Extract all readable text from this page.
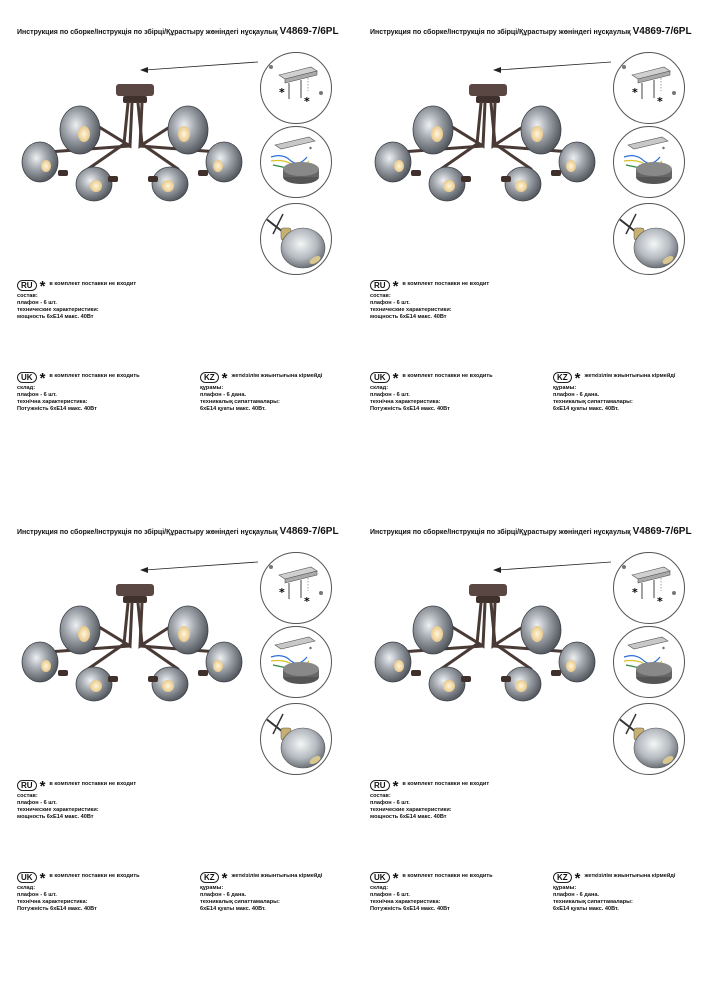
Инструкция по сборке/Інструкція по збірці/Құрастыру жөніндегі нұсқаулық V4869-7/6PL
*
*
*
RU * в комплект поставки не входит
состав:
плафон - 6 шт.
технические характеристики:
мощность 6хЕ14 макс. 40Вт
UK * в комплект поставки не входить
склад:
плафон - 6 шт.
технічна характеристика:
Потужність 6хЕ14 макс. 40Вт
KZ * жеткізілім жиынтығына кірмейді
құрамы:
плафон - 6 дана.
техникалық сипаттамалары:
6хЕ14 қуаты макс. 40Вт.
Инструкция по сборке/Інструкція по збірці/Құрастыру жөніндегі нұсқаулық V4869-7/6PL
*
*
*
RU * в комплект поставки не входит
состав:
плафон - 6 шт.
технические характеристики:
мощность 6хЕ14 макс. 40Вт
UK * в комплект поставки не входить
склад:
плафон - 6 шт.
технічна характеристика:
Потужність 6хЕ14 макс. 40Вт
KZ * жеткізілім жиынтығына кірмейді
құрамы:
плафон - 6 дана.
техникалық сипаттамалары:
6хЕ14 қуаты макс. 40Вт.
Инструкция по сборке/Інструкція по збірці/Құрастыру жөніндегі нұсқаулық V4869-7/6PL
*
*
*
RU * в комплект поставки не входит
состав:
плафон - 6 шт.
технические характеристики:
мощность 6хЕ14 макс. 40Вт
UK * в комплект поставки не входить
склад:
плафон - 6 шт.
технічна характеристика:
Потужність 6хЕ14 макс. 40Вт
KZ * жеткізілім жиынтығына кірмейді
құрамы:
плафон - 6 дана.
техникалық сипаттамалары:
6хЕ14 қуаты макс. 40Вт.
Инструкция по сборке/Інструкція по збірці/Құрастыру жөніндегі нұсқаулық V4869-7/6PL
*
*
*
RU * в комплект поставки не входит
состав:
плафон - 6 шт.
технические характеристики:
мощность 6хЕ14 макс. 40Вт
UK * в комплект поставки не входить
склад:
плафон - 6 шт.
технічна характеристика:
Потужність 6хЕ14 макс. 40Вт
KZ * жеткізілім жиынтығына кірмейді
құрамы:
плафон - 6 дана.
техникалық сипаттамалары:
6хЕ14 қуаты макс. 40Вт.
